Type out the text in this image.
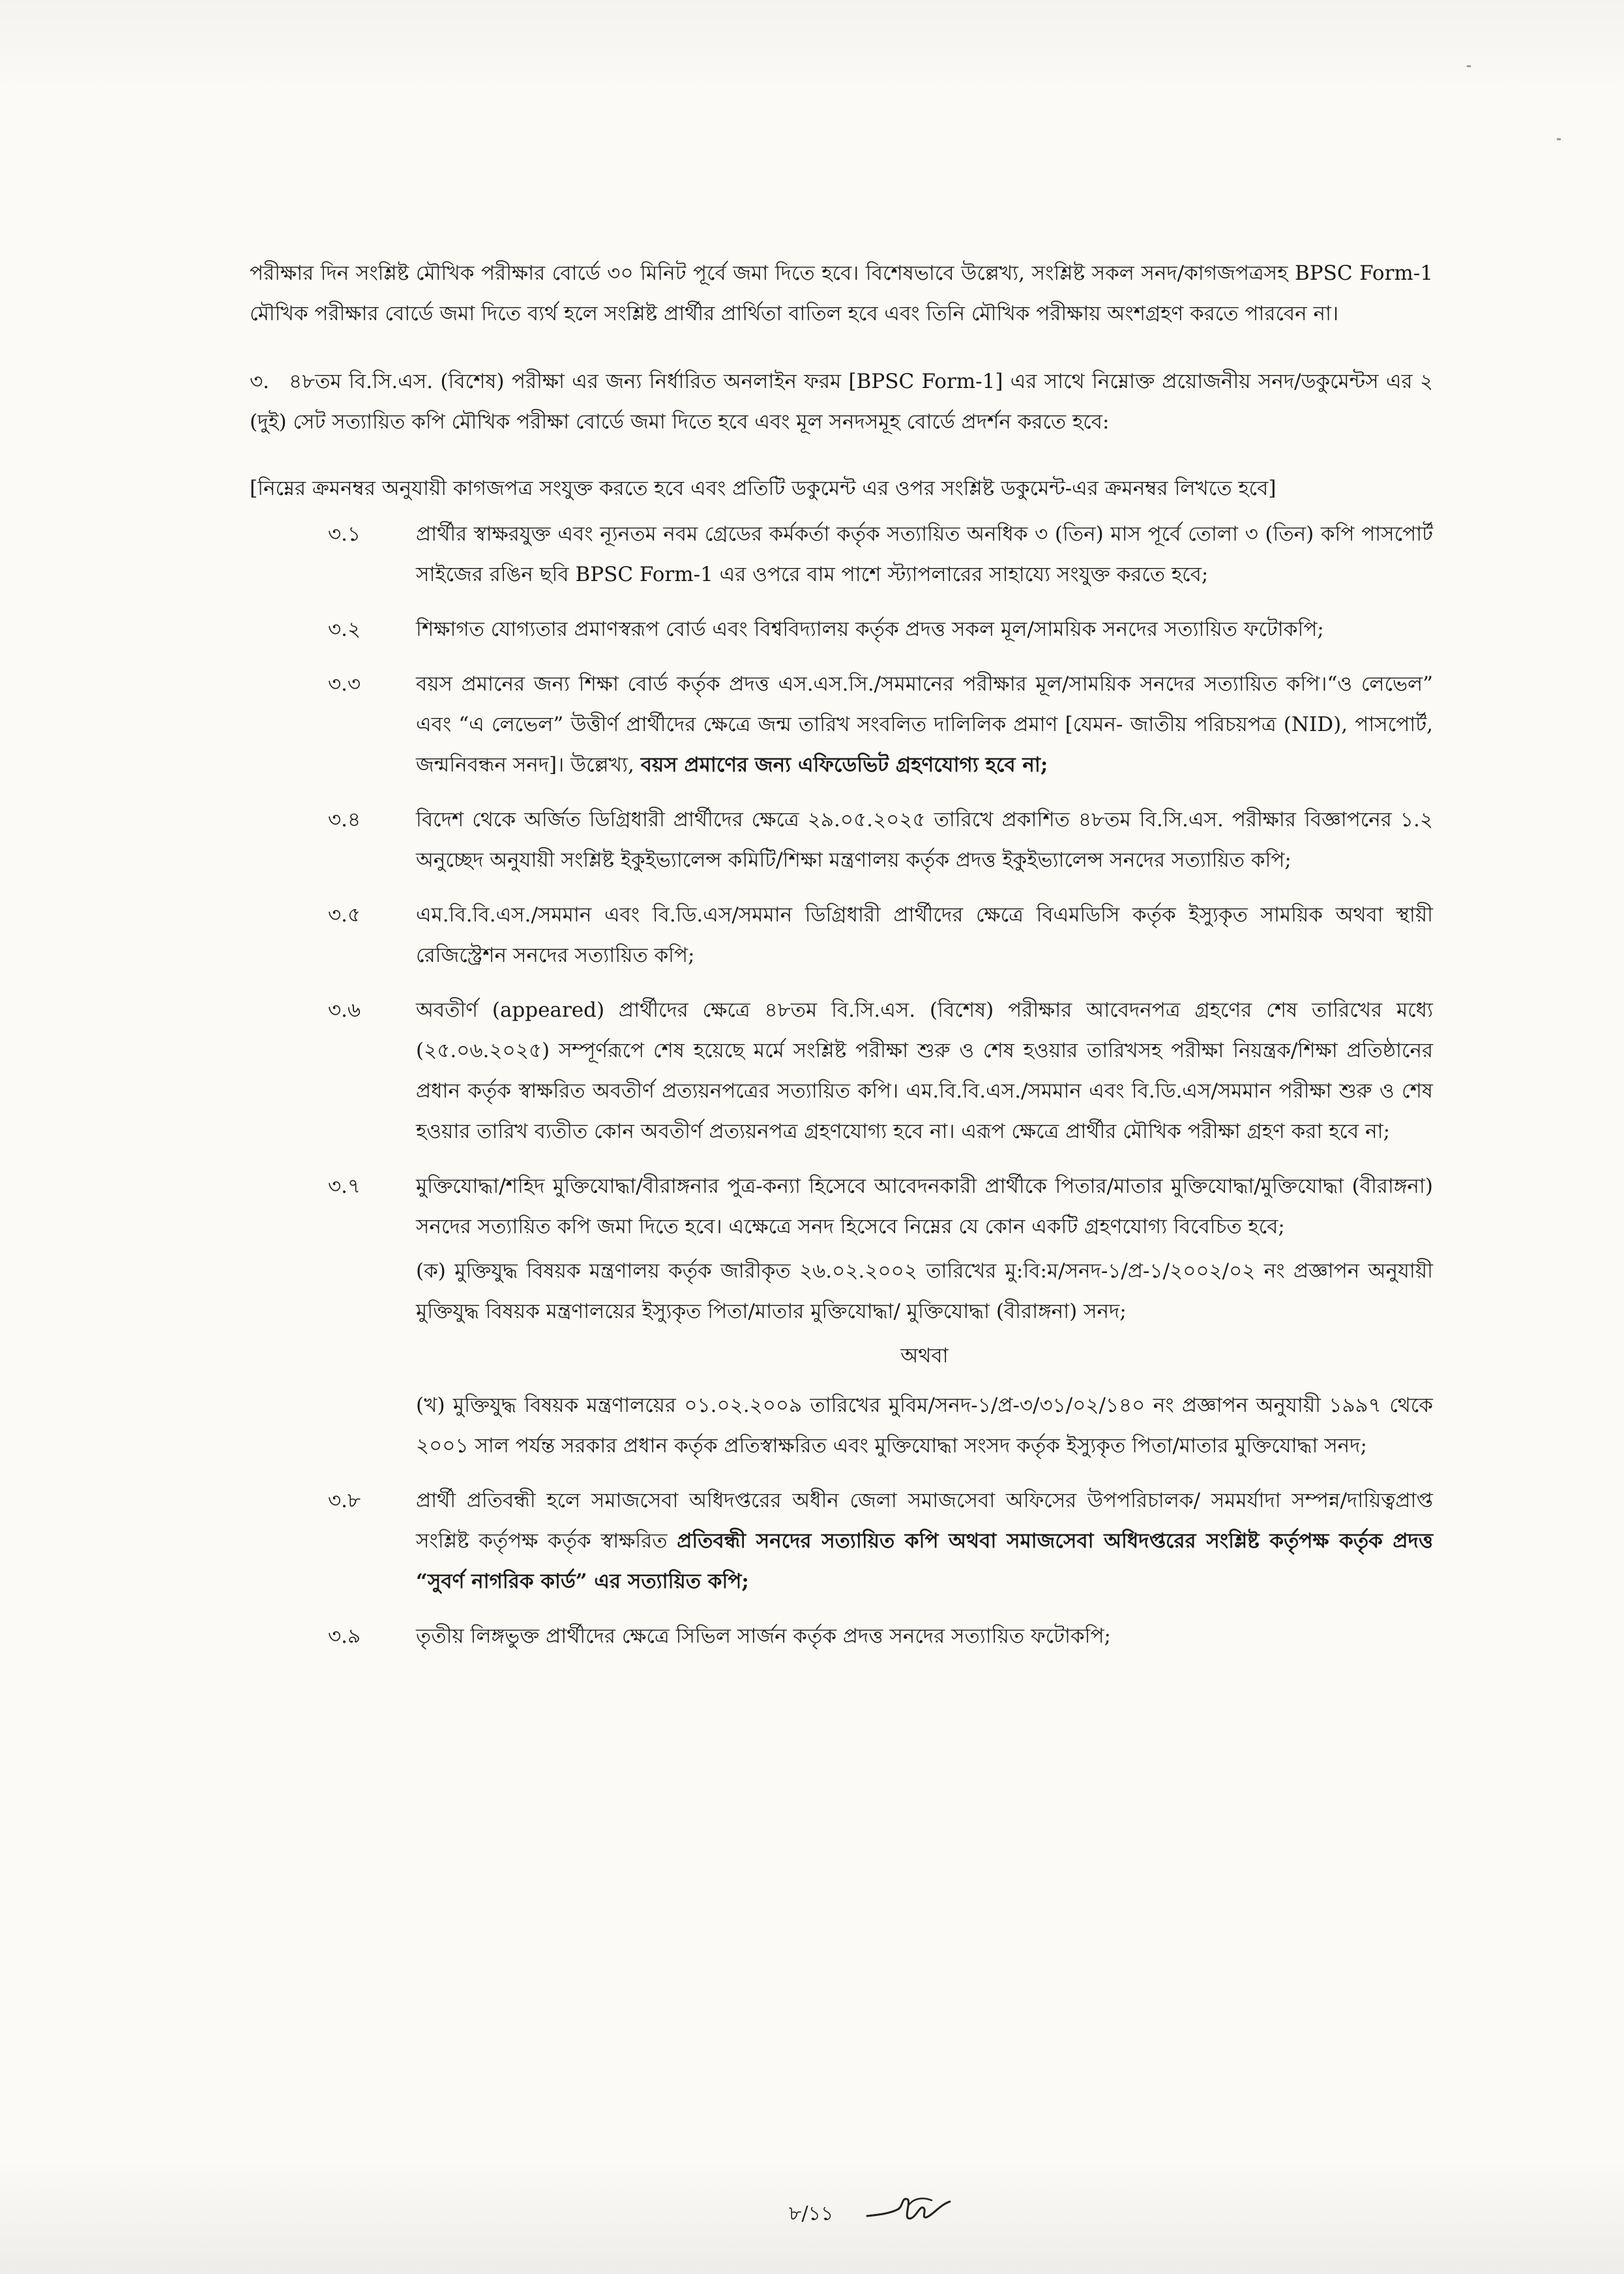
পরীক্ষার দিন সংশ্লিষ্ট মৌখিক পরীক্ষার বোর্ডে ৩০ মিনিট পূর্বে জমা দিতে হবে। বিশেষভাবে উল্লেখ্য, সংশ্লিষ্ট সকল সনদ/কাগজপত্রসহ BPSC Form-1 মৌখিক পরীক্ষার বোর্ডে জমা দিতে ব্যর্থ হলে সংশ্লিষ্ট প্রার্থীর প্রার্থিতা বাতিল হবে এবং তিনি মৌখিক পরীক্ষায় অংশগ্রহণ করতে পারবেন না।

৩. ৪৮তম বি.সি.এস. (বিশেষ) পরীক্ষা এর জন্য নির্ধারিত অনলাইন ফরম [BPSC Form-1] এর সাথে নিম্নোক্ত প্রয়োজনীয় সনদ/ডকুমেন্টস এর ২ (দুই) সেট সত্যায়িত কপি মৌখিক পরীক্ষা বোর্ডে জমা দিতে হবে এবং মূল সনদসমূহ বোর্ডে প্রদর্শন করতে হবে:

[নিম্নের ক্রমনম্বর অনুযায়ী কাগজপত্র সংযুক্ত করতে হবে এবং প্রতিটি ডকুমেন্ট এর ওপর সংশ্লিষ্ট ডকুমেন্ট-এর ক্রমনম্বর লিখতে হবে]

৩.১	প্রার্থীর স্বাক্ষরযুক্ত এবং ন্যূনতম নবম গ্রেডের কর্মকর্তা কর্তৃক সত্যায়িত অনধিক ৩ (তিন) মাস পূর্বে তোলা ৩ (তিন) কপি পাসপোর্ট সাইজের রঙিন ছবি BPSC Form-1 এর ওপরে বাম পাশে স্ট্যাপলারের সাহায্যে সংযুক্ত করতে হবে;

৩.২	শিক্ষাগত যোগ্যতার প্রমাণস্বরূপ বোর্ড এবং বিশ্ববিদ্যালয় কর্তৃক প্রদত্ত সকল মূল/সাময়িক সনদের সত্যায়িত ফটোকপি;

৩.৩	বয়স প্রমানের জন্য শিক্ষা বোর্ড কর্তৃক প্রদত্ত এস.এস.সি./সমমানের পরীক্ষার মূল/সাময়িক সনদের সত্যায়িত কপি।“ও লেভেল” এবং “এ লেভেল” উত্তীর্ণ প্রার্থীদের ক্ষেত্রে জন্ম তারিখ সংবলিত দালিলিক প্রমাণ [যেমন- জাতীয় পরিচয়পত্র (NID), পাসপোর্ট, জন্মনিবন্ধন সনদ]। উল্লেখ্য, বয়স প্রমাণের জন্য এফিডেভিট গ্রহণযোগ্য হবে না;

৩.৪	বিদেশ থেকে অর্জিত ডিগ্রিধারী প্রার্থীদের ক্ষেত্রে ২৯.০৫.২০২৫ তারিখে প্রকাশিত ৪৮তম বি.সি.এস. পরীক্ষার বিজ্ঞাপনের ১.২ অনুচ্ছেদ অনুযায়ী সংশ্লিষ্ট ইকুইভ্যালেন্স কমিটি/শিক্ষা মন্ত্রণালয় কর্তৃক প্রদত্ত ইকুইভ্যালেন্স সনদের সত্যায়িত কপি;

৩.৫	এম.বি.বি.এস./সমমান এবং বি.ডি.এস/সমমান ডিগ্রিধারী প্রার্থীদের ক্ষেত্রে বিএমডিসি কর্তৃক ইস্যুকৃত সাময়িক অথবা স্থায়ী রেজিস্ট্রেশন সনদের সত্যায়িত কপি;

৩.৬	অবতীর্ণ (appeared) প্রার্থীদের ক্ষেত্রে ৪৮তম বি.সি.এস. (বিশেষ) পরীক্ষার আবেদনপত্র গ্রহণের শেষ তারিখের মধ্যে (২৫.০৬.২০২৫) সম্পূর্ণরূপে শেষ হয়েছে মর্মে সংশ্লিষ্ট পরীক্ষা শুরু ও শেষ হওয়ার তারিখসহ পরীক্ষা নিয়ন্ত্রক/শিক্ষা প্রতিষ্ঠানের প্রধান কর্তৃক স্বাক্ষরিত অবতীর্ণ প্রত্যয়নপত্রের সত্যায়িত কপি। এম.বি.বি.এস./সমমান এবং বি.ডি.এস/সমমান পরীক্ষা শুরু ও শেষ হওয়ার তারিখ ব্যতীত কোন অবতীর্ণ প্রত্যয়নপত্র গ্রহণযোগ্য হবে না। এরূপ ক্ষেত্রে প্রার্থীর মৌখিক পরীক্ষা গ্রহণ করা হবে না;

৩.৭	মুক্তিযোদ্ধা/শহিদ মুক্তিযোদ্ধা/বীরাঙ্গনার পুত্র-কন্যা হিসেবে আবেদনকারী প্রার্থীকে পিতার/মাতার মুক্তিযোদ্ধা/মুক্তিযোদ্ধা (বীরাঙ্গনা) সনদের সত্যায়িত কপি জমা দিতে হবে। এক্ষেত্রে সনদ হিসেবে নিম্নের যে কোন একটি গ্রহণযোগ্য বিবেচিত হবে;

(ক) মুক্তিযুদ্ধ বিষয়ক মন্ত্রণালয় কর্তৃক জারীকৃত ২৬.০২.২০০২ তারিখের মু:বি:ম/সনদ-১/প্র-১/২০০২/০২ নং প্রজ্ঞাপন অনুযায়ী মুক্তিযুদ্ধ বিষয়ক মন্ত্রণালয়ের ইস্যুকৃত পিতা/মাতার মুক্তিযোদ্ধা/ মুক্তিযোদ্ধা (বীরাঙ্গনা) সনদ;

অথবা

(খ) মুক্তিযুদ্ধ বিষয়ক মন্ত্রণালয়ের ০১.০২.২০০৯ তারিখের মুবিম/সনদ-১/প্র-৩/৩১/০২/১৪০ নং প্রজ্ঞাপন অনুযায়ী ১৯৯৭ থেকে ২০০১ সাল পর্যন্ত সরকার প্রধান কর্তৃক প্রতিস্বাক্ষরিত এবং মুক্তিযোদ্ধা সংসদ কর্তৃক ইস্যুকৃত পিতা/মাতার মুক্তিযোদ্ধা সনদ;

৩.৮	প্রার্থী প্রতিবন্ধী হলে সমাজসেবা অধিদপ্তরের অধীন জেলা সমাজসেবা অফিসের উপপরিচালক/ সমমর্যাদা সম্পন্ন/দায়িত্বপ্রাপ্ত সংশ্লিষ্ট কর্তৃপক্ষ কর্তৃক স্বাক্ষরিত প্রতিবন্ধী সনদের সত্যায়িত কপি অথবা সমাজসেবা অধিদপ্তরের সংশ্লিষ্ট কর্তৃপক্ষ কর্তৃক প্রদত্ত “সুবর্ণ নাগরিক কার্ড” এর সত্যায়িত কপি;

৩.৯	তৃতীয় লিঙ্গভুক্ত প্রার্থীদের ক্ষেত্রে সিভিল সার্জন কর্তৃক প্রদত্ত সনদের সত্যায়িত ফটোকপি;

৮/১১
